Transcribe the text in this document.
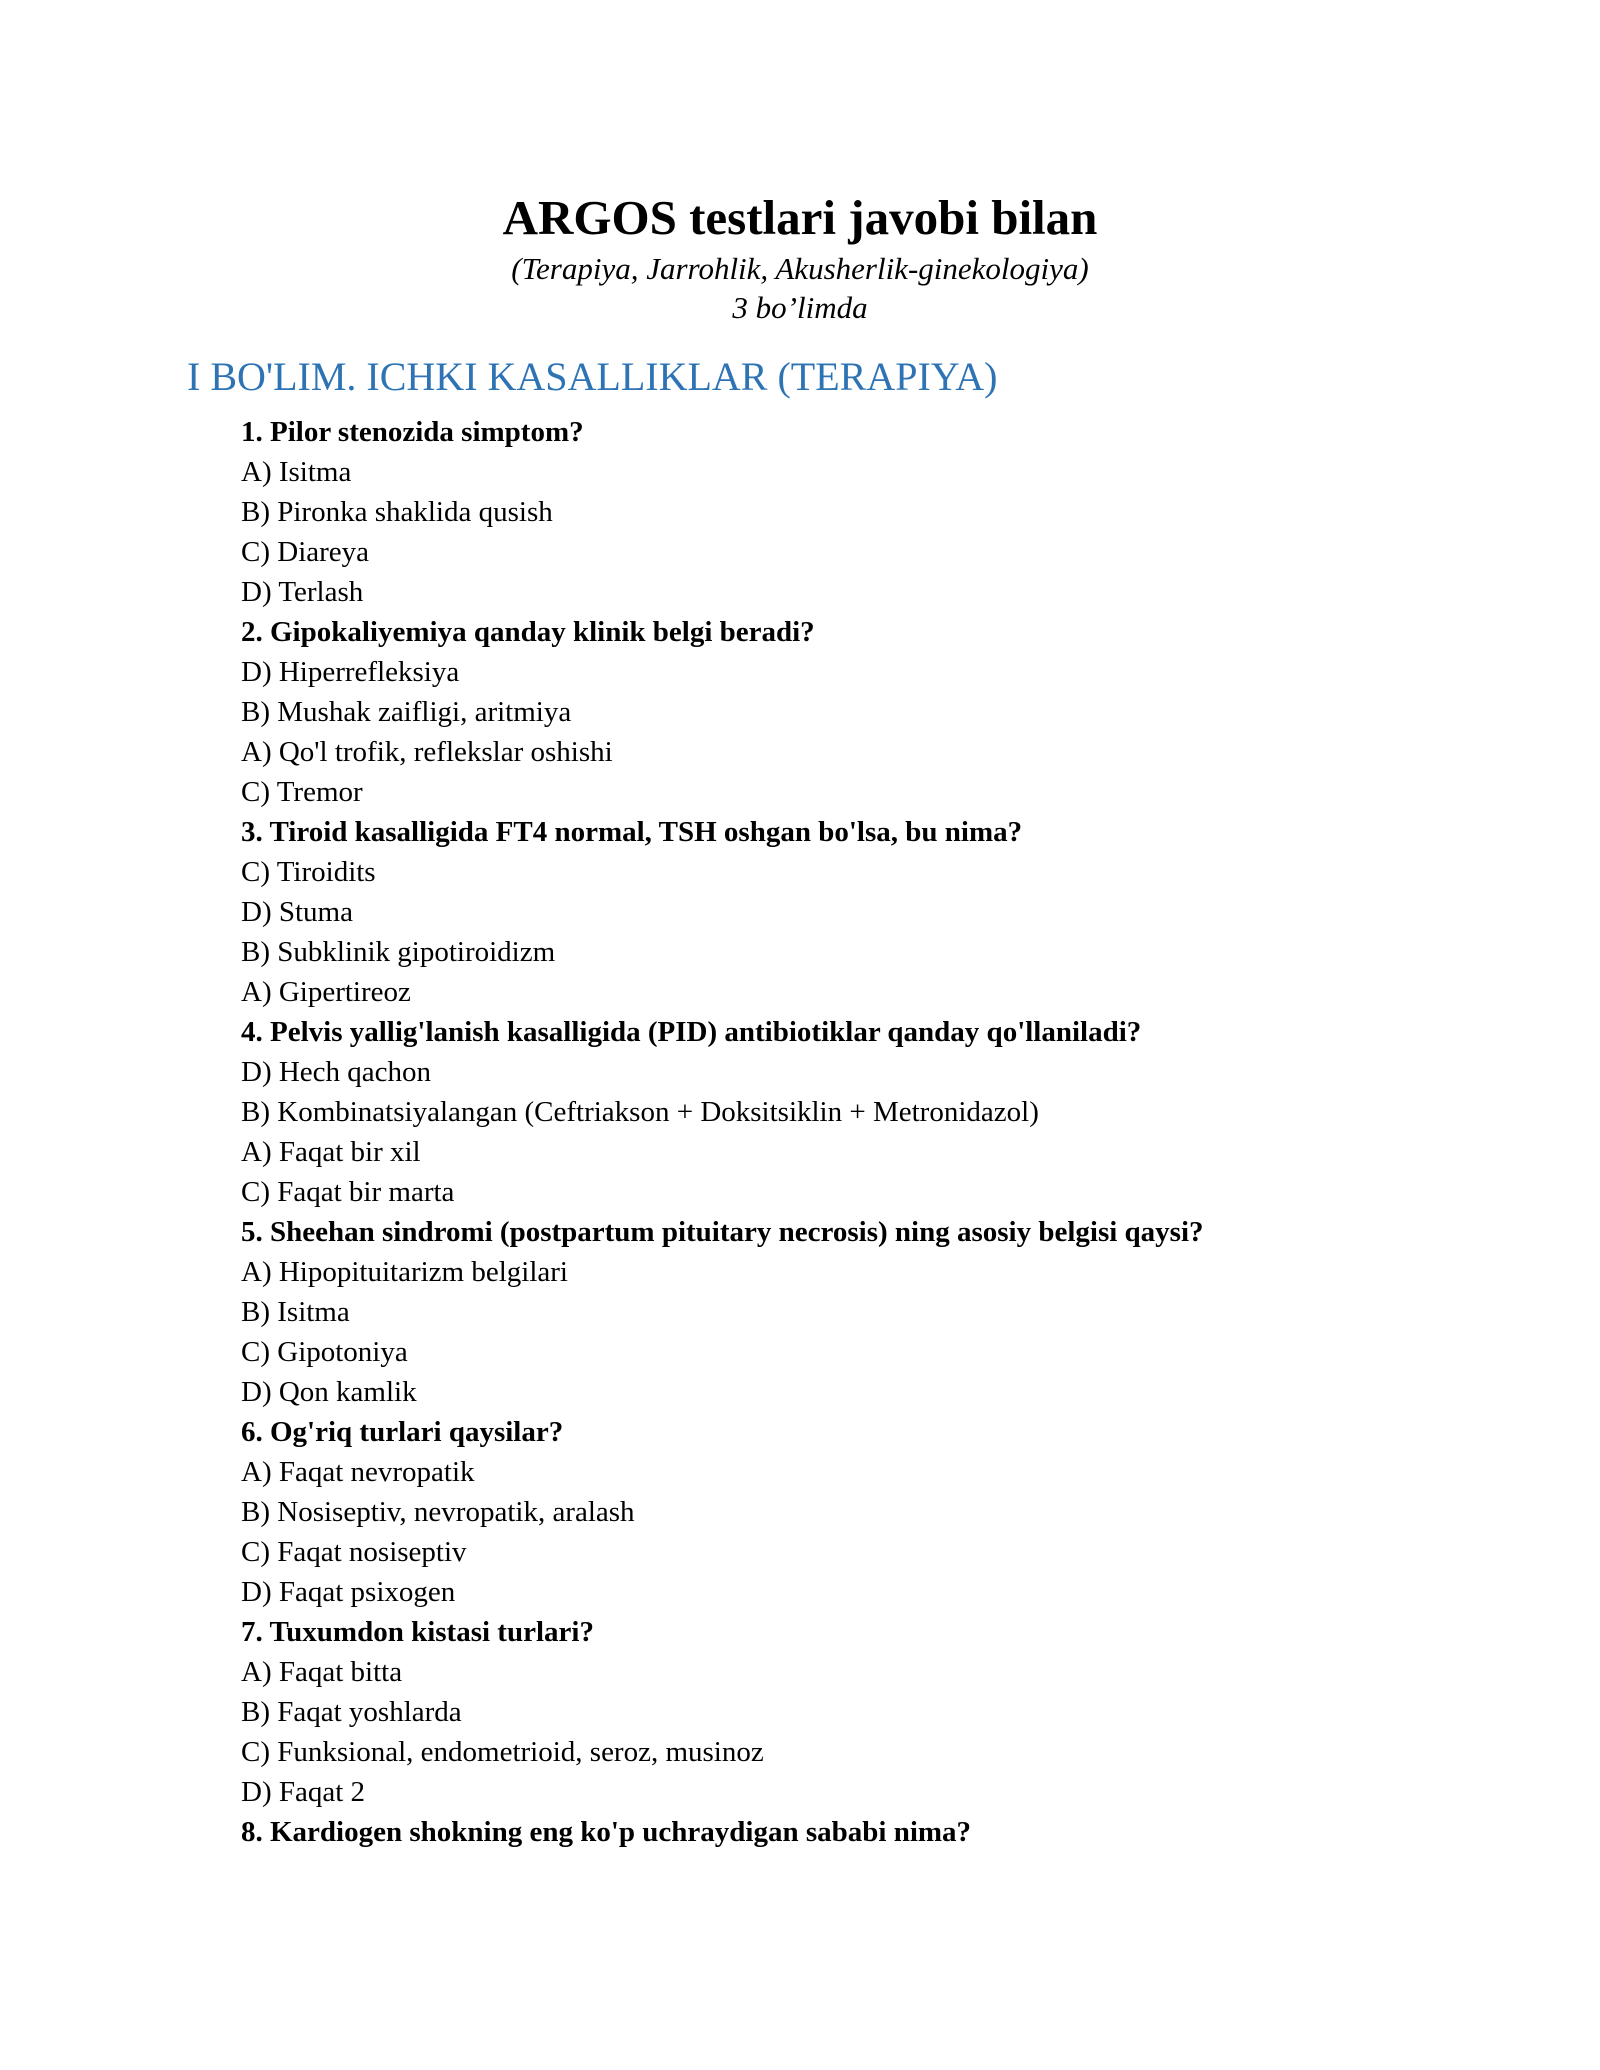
ARGOS testlari javobi bilan
(Terapiya, Jarrohlik, Akusherlik-ginekologiya)
3 bo’limda
I BO'LIM. ICHKI KASALLIKLAR (TERAPIYA)
1. Pilor stenozida simptom?
A) Isitma
B) Pironka shaklida qusish
C) Diareya
D) Terlash
2. Gipokaliyemiya qanday klinik belgi beradi?
D) Hiperrefleksiya
B) Mushak zaifligi, aritmiya
A) Qo'l trofik, reflekslar oshishi
C) Tremor
3. Tiroid kasalligida FT4 normal, TSH oshgan bo'lsa, bu nima?
C) Tiroidits
D) Stuma
B) Subklinik gipotiroidizm
A) Gipertireoz
4. Pelvis yallig'lanish kasalligida (PID) antibiotiklar qanday qo'llaniladi?
D) Hech qachon
B) Kombinatsiyalangan (Ceftriakson + Doksitsiklin + Metronidazol)
A) Faqat bir xil
C) Faqat bir marta
5. Sheehan sindromi (postpartum pituitary necrosis) ning asosiy belgisi qaysi?
A) Hipopituitarizm belgilari
B) Isitma
C) Gipotoniya
D) Qon kamlik
6. Og'riq turlari qaysilar?
A) Faqat nevropatik
B) Nosiseptiv, nevropatik, aralash
C) Faqat nosiseptiv
D) Faqat psixogen
7. Tuxumdon kistasi turlari?
A) Faqat bitta
B) Faqat yoshlarda
C) Funksional, endometrioid, seroz, musinoz
D) Faqat 2
8. Kardiogen shokning eng ko'p uchraydigan sababi nima?
